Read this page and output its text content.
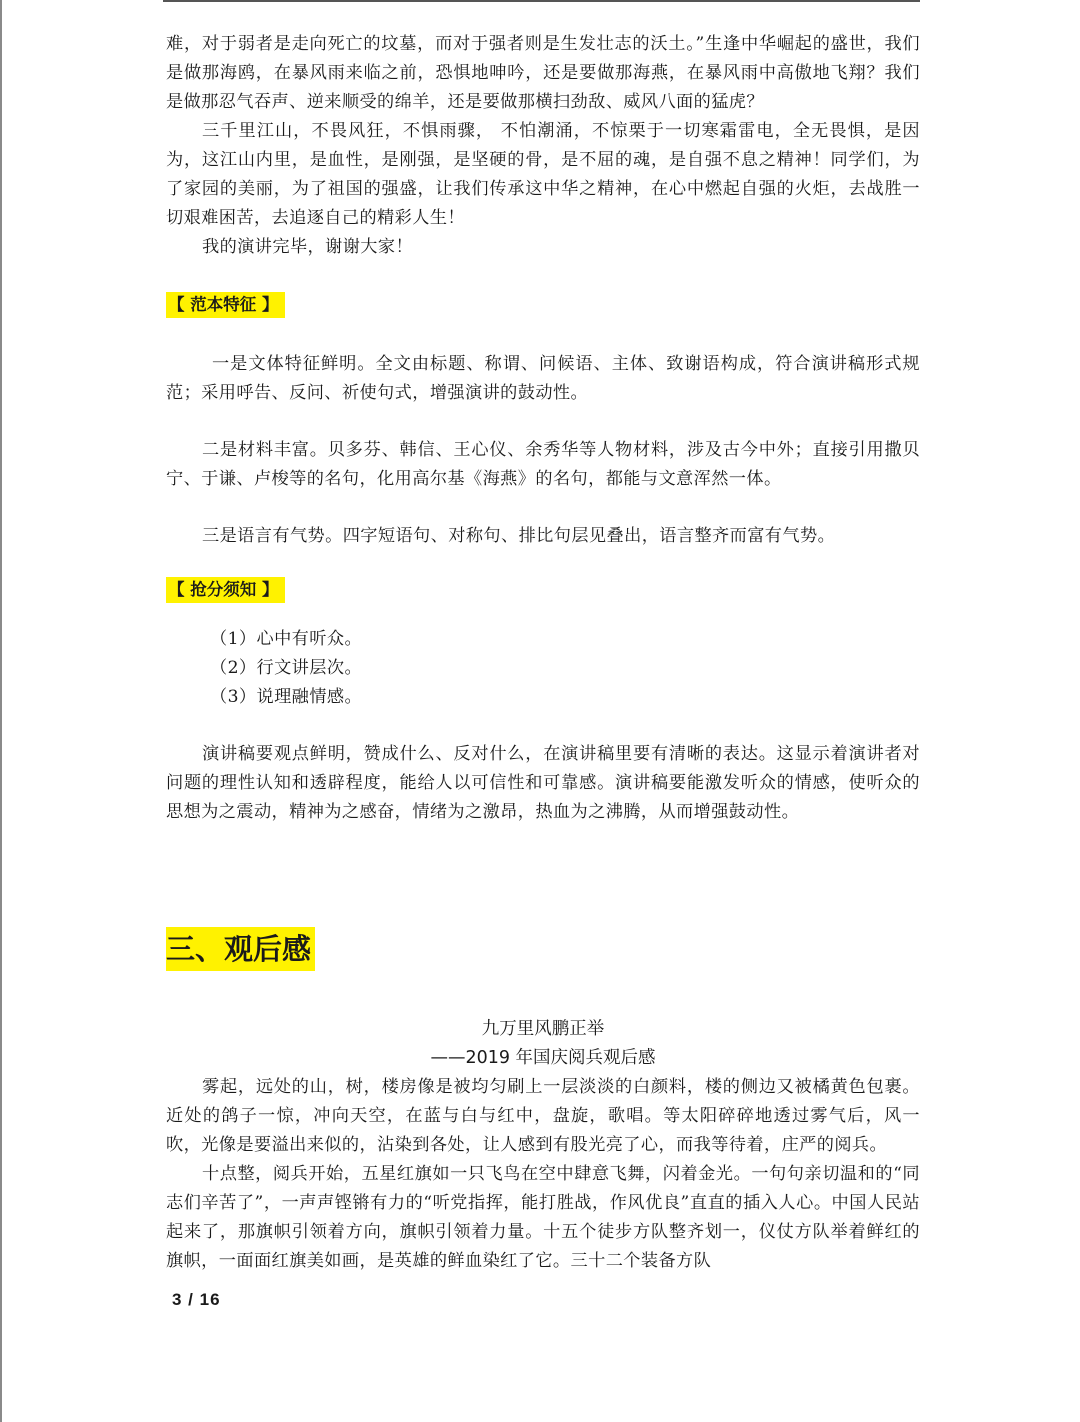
难，对于弱者是走向死亡的坟墓，而对于强者则是生发壮志的沃土。”生逢中华崛起的盛世，我们是做那海鸥，在暴风雨来临之前，恐惧地呻吟，还是要做那海燕，在暴风雨中高傲地飞翔？我们是做那忍气吞声、逆来顺受的绵羊，还是要做那横扫劲敌、威风八面的猛虎？

三千里江山，不畏风狂，不惧雨骤， 不怕潮涌，不惊栗于一切寒霜雷电，全无畏惧，是因为，这江山内里，是血性，是刚强，是坚硬的骨，是不屈的魂，是自强不息之精神！同学们，为了家园的美丽，为了祖国的强盛，让我们传承这中华之精神，在心中燃起自强的火炬，去战胜一切艰难困苦，去追逐自己的精彩人生！

我的演讲完毕，谢谢大家！

【 范本特征 】

一是文体特征鲜明。全文由标题、称谓、问候语、主体、致谢语构成，符合演讲稿形式规范；采用呼告、反问、祈使句式，增强演讲的鼓动性。

二是材料丰富。贝多芬、韩信、王心仪、余秀华等人物材料，涉及古今中外；直接引用撒贝宁、于谦、卢梭等的名句，化用高尔基《海燕》的名句，都能与文意浑然一体。

三是语言有气势。四字短语句、对称句、排比句层见叠出，语言整齐而富有气势。

【 抢分须知 】

（1）心中有听众。

（2）行文讲层次。

（3）说理融情感。

演讲稿要观点鲜明，赞成什么、反对什么，在演讲稿里要有清晰的表达。这显示着演讲者对问题的理性认知和透辟程度，能给人以可信性和可靠感。演讲稿要能激发听众的情感，使听众的思想为之震动，精神为之感奋，情绪为之激昂，热血为之沸腾，从而增强鼓动性。

三、观后感

九万里风鹏正举

——2019 年国庆阅兵观后感

雾起，远处的山，树，楼房像是被均匀刷上一层淡淡的白颜料，楼的侧边又被橘黄色包裹。近处的鸽子一惊，冲向天空，在蓝与白与红中，盘旋，歌唱。等太阳碎碎地透过雾气后，风一吹，光像是要溢出来似的，沾染到各处，让人感到有股光亮了心，而我等待着，庄严的阅兵。

十点整，阅兵开始，五星红旗如一只飞鸟在空中肆意飞舞，闪着金光。一句句亲切温和的“同志们辛苦了”，一声声铿锵有力的“听党指挥，能打胜战，作风优良”直直的插入人心。中国人民站起来了，那旗帜引领着方向，旗帜引领着力量。十五个徒步方队整齐划一，仪仗方队举着鲜红的旗帜，一面面红旗美如画，是英雄的鲜血染红了它。三十二个装备方队

3 / 16
